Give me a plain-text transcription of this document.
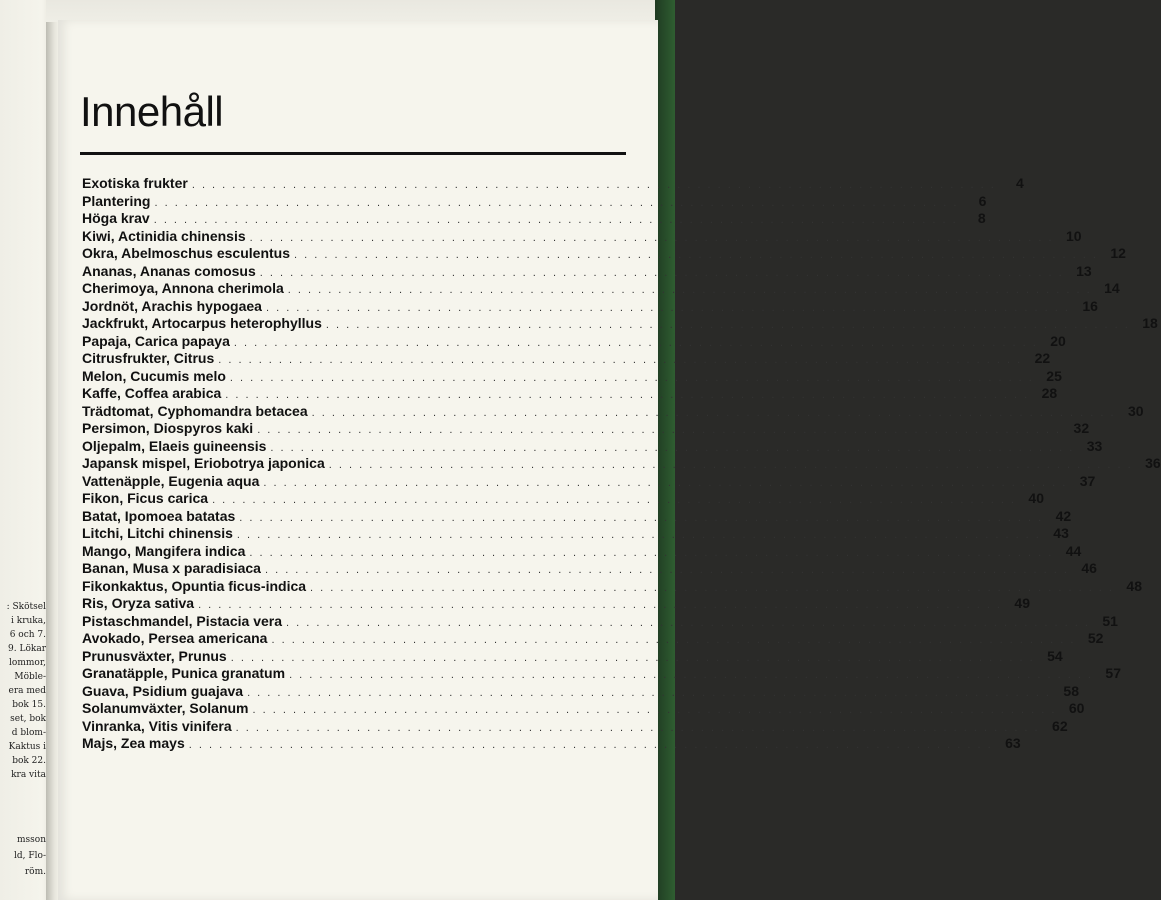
: Skötsel
i kruka,
6 och 7.
9. Lökar
lommor,
Möble-
era med
bok 15.
set, bok
d blom-
Kaktus i
bok 22.
kra vita
msson
ld, Flo-
röm.
Innehåll
Exotiska frukter . . . . . . . . . . . . . . . . . . . . . . . . . . . . . . . . . . . . . . . . . . . . . . . . . . . . . . . . . . . . . . . . . . . . . . . . . . . . . . . .	4
Plantering . . . . . . . . . . . . . . . . . . . . . . . . . . . . . . . . . . . . . . . . . . . . . . . . . . . . . . . . . . . . . . . . . . . . . . . . . . . . . . . .	6
Höga krav . . . . . . . . . . . . . . . . . . . . . . . . . . . . . . . . . . . . . . . . . . . . . . . . . . . . . . . . . . . . . . . . . . . . . . . . . . . . . . . .	8
Kiwi, Actinidia chinensis . . . . . . . . . . . . . . . . . . . . . . . . . . . . . . . . . . . . . . . . . . . . . . . . . . . . . . . . . . . . . . . . . . . . . . . . . . . . . . . . 10
Okra, Abelmoschus esculentus . . . . . . . . . . . . . . . . . . . . . . . . . . . . . . . . . . . . . . . . . . . . . . . . . . . . . . . . . . . . . . . . . . . . . . . . . . . . . . . . 12
Ananas, Ananas comosus . . . . . . . . . . . . . . . . . . . . . . . . . . . . . . . . . . . . . . . . . . . . . . . . . . . . . . . . . . . . . . . . . . . . . . . . . . . . . . . . 13
Cherimoya, Annona cherimola . . . . . . . . . . . . . . . . . . . . . . . . . . . . . . . . . . . . . . . . . . . . . . . . . . . . . . . . . . . . . . . . . . . . . . . . . . . . . . . . 14
Jordnöt, Arachis hypogaea . . . . . . . . . . . . . . . . . . . . . . . . . . . . . . . . . . . . . . . . . . . . . . . . . . . . . . . . . . . . . . . . . . . . . . . . . . . . . . . . 16
Jackfrukt, Artocarpus heterophyllus . . . . . . . . . . . . . . . . . . . . . . . . . . . . . . . . . . . . . . . . . . . . . . . . . . . . . . . . . . . . . . . . . . . . . . . . . . . . . . . . 18
Papaja, Carica papaya . . . . . . . . . . . . . . . . . . . . . . . . . . . . . . . . . . . . . . . . . . . . . . . . . . . . . . . . . . . . . . . . . . . . . . . . . . . . . . . . 20
Citrusfrukter, Citrus . . . . . . . . . . . . . . . . . . . . . . . . . . . . . . . . . . . . . . . . . . . . . . . . . . . . . . . . . . . . . . . . . . . . . . . . . . . . . . . . 22
Melon, Cucumis melo . . . . . . . . . . . . . . . . . . . . . . . . . . . . . . . . . . . . . . . . . . . . . . . . . . . . . . . . . . . . . . . . . . . . . . . . . . . . . . . . 25
Kaffe, Coffea arabica . . . . . . . . . . . . . . . . . . . . . . . . . . . . . . . . . . . . . . . . . . . . . . . . . . . . . . . . . . . . . . . . . . . . . . . . . . . . . . . . 28
Trädtomat, Cyphomandra betacea . . . . . . . . . . . . . . . . . . . . . . . . . . . . . . . . . . . . . . . . . . . . . . . . . . . . . . . . . . . . . . . . . . . . . . . . . . . . . . . . 30
Persimon, Diospyros kaki . . . . . . . . . . . . . . . . . . . . . . . . . . . . . . . . . . . . . . . . . . . . . . . . . . . . . . . . . . . . . . . . . . . . . . . . . . . . . . . . 32
Oljepalm, Elaeis guineensis . . . . . . . . . . . . . . . . . . . . . . . . . . . . . . . . . . . . . . . . . . . . . . . . . . . . . . . . . . . . . . . . . . . . . . . . . . . . . . . . 33
Japansk mispel, Eriobotrya japonica . . . . . . . . . . . . . . . . . . . . . . . . . . . . . . . . . . . . . . . . . . . . . . . . . . . . . . . . . . . . . . . . . . . . . . . . . . . . . . . . 36
Vattenäpple, Eugenia aqua . . . . . . . . . . . . . . . . . . . . . . . . . . . . . . . . . . . . . . . . . . . . . . . . . . . . . . . . . . . . . . . . . . . . . . . . . . . . . . . . 37
Fikon, Ficus carica . . . . . . . . . . . . . . . . . . . . . . . . . . . . . . . . . . . . . . . . . . . . . . . . . . . . . . . . . . . . . . . . . . . . . . . . . . . . . . . . 40
Batat, Ipomoea batatas . . . . . . . . . . . . . . . . . . . . . . . . . . . . . . . . . . . . . . . . . . . . . . . . . . . . . . . . . . . . . . . . . . . . . . . . . . . . . . . . 42
Litchi, Litchi chinensis . . . . . . . . . . . . . . . . . . . . . . . . . . . . . . . . . . . . . . . . . . . . . . . . . . . . . . . . . . . . . . . . . . . . . . . . . . . . . . . . 43
Mango, Mangifera indica . . . . . . . . . . . . . . . . . . . . . . . . . . . . . . . . . . . . . . . . . . . . . . . . . . . . . . . . . . . . . . . . . . . . . . . . . . . . . . . . 44
Banan, Musa x paradisiaca . . . . . . . . . . . . . . . . . . . . . . . . . . . . . . . . . . . . . . . . . . . . . . . . . . . . . . . . . . . . . . . . . . . . . . . . . . . . . . . . 46
Fikonkaktus, Opuntia ficus-indica . . . . . . . . . . . . . . . . . . . . . . . . . . . . . . . . . . . . . . . . . . . . . . . . . . . . . . . . . . . . . . . . . . . . . . . . . . . . . . . . 48
Ris, Oryza sativa . . . . . . . . . . . . . . . . . . . . . . . . . . . . . . . . . . . . . . . . . . . . . . . . . . . . . . . . . . . . . . . . . . . . . . . . . . . . . . . . 49
Pistaschmandel, Pistacia vera . . . . . . . . . . . . . . . . . . . . . . . . . . . . . . . . . . . . . . . . . . . . . . . . . . . . . . . . . . . . . . . . . . . . . . . . . . . . . . . . 51
Avokado, Persea americana . . . . . . . . . . . . . . . . . . . . . . . . . . . . . . . . . . . . . . . . . . . . . . . . . . . . . . . . . . . . . . . . . . . . . . . . . . . . . . . . 52
Prunusväxter, Prunus . . . . . . . . . . . . . . . . . . . . . . . . . . . . . . . . . . . . . . . . . . . . . . . . . . . . . . . . . . . . . . . . . . . . . . . . . . . . . . . . 54
Granatäpple, Punica granatum . . . . . . . . . . . . . . . . . . . . . . . . . . . . . . . . . . . . . . . . . . . . . . . . . . . . . . . . . . . . . . . . . . . . . . . . . . . . . . . . 57
Guava, Psidium guajava . . . . . . . . . . . . . . . . . . . . . . . . . . . . . . . . . . . . . . . . . . . . . . . . . . . . . . . . . . . . . . . . . . . . . . . . . . . . . . . . 58
Solanumväxter, Solanum . . . . . . . . . . . . . . . . . . . . . . . . . . . . . . . . . . . . . . . . . . . . . . . . . . . . . . . . . . . . . . . . . . . . . . . . . . . . . . . . 60
Vinranka, Vitis vinifera . . . . . . . . . . . . . . . . . . . . . . . . . . . . . . . . . . . . . . . . . . . . . . . . . . . . . . . . . . . . . . . . . . . . . . . . . . . . . . . . 62
Majs, Zea mays . . . . . . . . . . . . . . . . . . . . . . . . . . . . . . . . . . . . . . . . . . . . . . . . . . . . . . . . . . . . . . . . . . . . . . . . . . . . . . . . 63
